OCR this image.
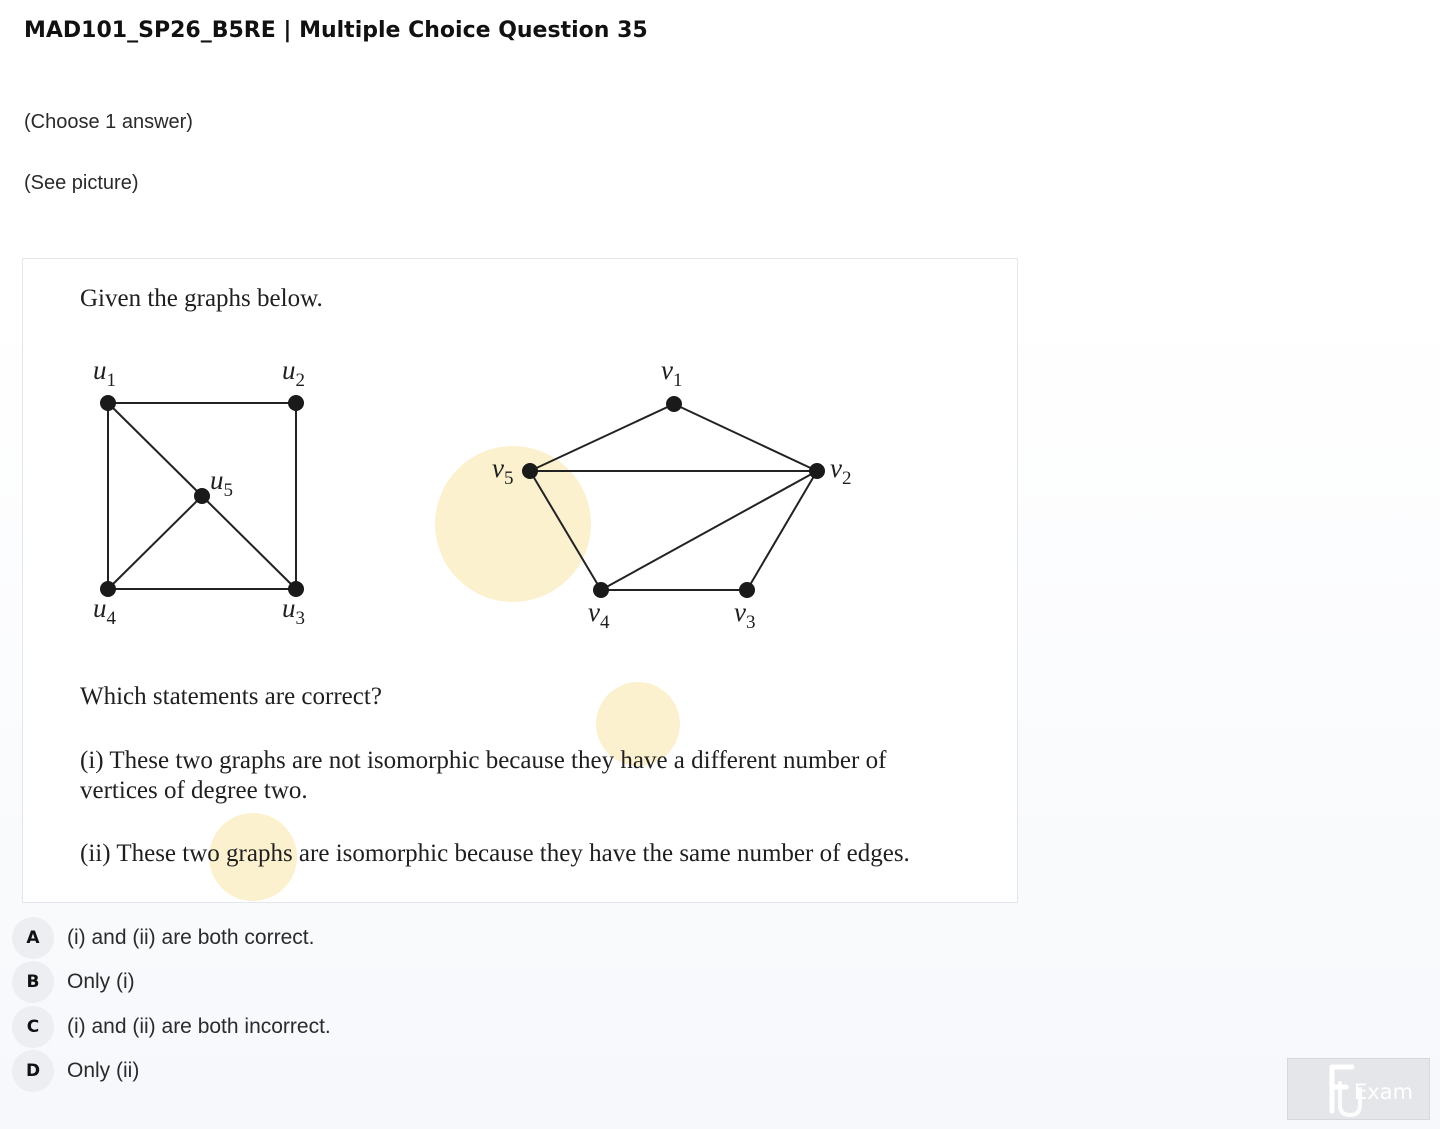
MAD101_SP26_B5RE | Multiple Choice Question 35
(Choose 1 answer)
(See picture)
Given the graphs below.
$u_1$	$u_2$
$u_3$
$u_4$
$u_5$
$v_1$
$v_2$
$v_3$
$v_4$
$v_5$
Which statements are correct?
(i) These two graphs are not isomorphic because they have a different number of
vertices of degree two.
(ii) These two graphs are isomorphic because they have the same number of edges.
A	(i) and (ii) are both correct.
B	Only (i)
C	(i) and (ii) are both incorrect.
D	Only (ii)
Exam
